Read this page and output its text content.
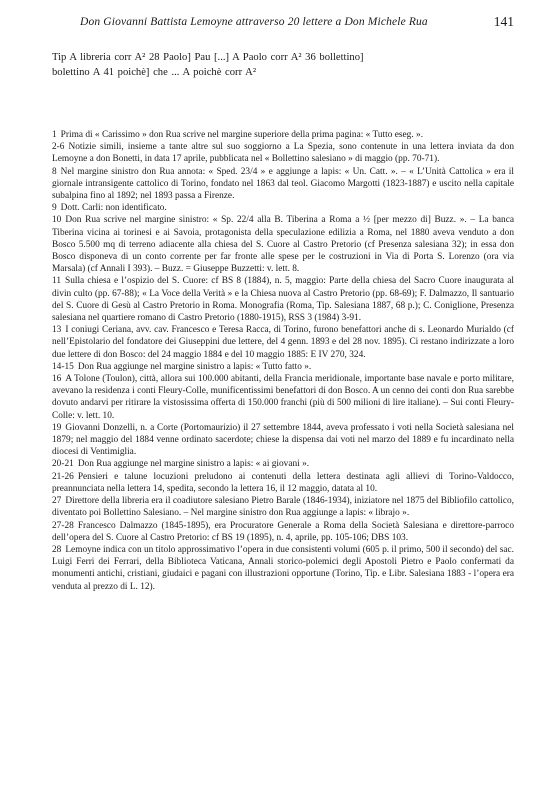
Don Giovanni Battista Lemoyne attraverso 20 lettere a Don Michele Rua	141
Tip A libreria corr A² 28 Paolo] Pau [...] A Paolo corr A² 36 bollettino]
bolettino A 41 poichè] che ... A poichè corr A²

1 Prima di « Carissimo » don Rua scrive nel margine superiore della prima pagina: « Tutto eseg. ».

2-6 Notizie simili, insieme a tante altre sul suo soggiorno a La Spezia, sono contenute in una lettera inviata da don Lemoyne a don Bonetti, in data 17 aprile, pubblicata nel « Bollettino salesiano » di maggio (pp. 70-71).

8 Nel margine sinistro don Rua annota: « Sped. 23/4 » e aggiunge a lapis: « Un. Catt. ». – « L’Unità Cattolica » era il giornale intransigente cattolico di Torino, fondato nel 1863 dal teol. Giacomo Margotti (1823-1887) e uscito nella capitale subalpina fino al 1892; nel 1893 passa a Firenze.

9 Dott. Carli: non identificato.

10 Don Rua scrive nel margine sinistro: « Sp. 22/4 alla B. Tiberina a Roma a ½ [per mezzo di] Buzz. ». – La banca Tiberina vicina ai torinesi e ai Savoia, protagonista della speculazione edilizia a Roma, nel 1880 aveva venduto a don Bosco 5.500 mq di terreno adiacente alla chiesa del S. Cuore al Castro Pretorio (cf Presenza salesiana 32); in essa don Bosco disponeva di un conto corrente per far fronte alle spese per le costruzioni in Via di Porta S. Lorenzo (ora via Marsala) (cf Annali I 393). – Buzz. = Giuseppe Buzzetti: v. lett. 8.

11 Sulla chiesa e l’ospizio del S. Cuore: cf BS 8 (1884), n. 5, maggio: Parte della chiesa del Sacro Cuore inaugurata al divin culto (pp. 67-88); « La Voce della Verità » e la Chiesa nuova al Castro Pretorio (pp. 68-69); F. Dalmazzo, Il santuario del S. Cuore di Gesù al Castro Pretorio in Roma. Monografia (Roma, Tip. Salesiana 1887, 68 p.); C. Coniglione, Presenza salesiana nel quartiere romano di Castro Pretorio (1880-1915), RSS 3 (1984) 3-91.

13 I coniugi Ceriana, avv. cav. Francesco e Teresa Racca, di Torino, furono benefattori anche di s. Leonardo Murialdo (cf nell’Epistolario del fondatore dei Giuseppini due lettere, del 4 genn. 1893 e del 28 nov. 1895). Ci restano indirizzate a loro due lettere di don Bosco: del 24 maggio 1884 e del 10 maggio 1885: E IV 270, 324.

14-15 Don Rua aggiunge nel margine sinistro a lapis: « Tutto fatto ».

16 A Tolone (Toulon), città, allora sui 100.000 abitanti, della Francia meridionale, importante base navale e porto militare, avevano la residenza i conti Fleury-Colle, munificentissimi benefattori di don Bosco. A un cenno dei conti don Rua sarebbe dovuto andarvi per ritirare la vistosissima offerta di 150.000 franchi (più di 500 milioni di lire italiane). – Sui conti Fleury-Colle: v. lett. 10.

19 Giovanni Donzelli, n. a Corte (Portomaurizio) il 27 settembre 1844, aveva professato i voti nella Società salesiana nel 1879; nel maggio del 1884 venne ordinato sacerdote; chiese la dispensa dai voti nel marzo del 1889 e fu incardinato nella diocesi di Ventimiglia.

20-21 Don Rua aggiunge nel margine sinistro a lapis: « ai giovani ».

21-26 Pensieri e talune locuzioni preludono ai contenuti della lettera destinata agli allievi di Torino-Valdocco, preannunciata nella lettera 14, spedita, secondo la lettera 16, il 12 maggio, datata al 10.

27 Direttore della libreria era il coadiutore salesiano Pietro Barale (1846-1934), iniziatore nel 1875 del Bibliofilo cattolico, diventato poi Bollettino Salesiano. – Nel margine sinistro don Rua aggiunge a lapis: « librajo ».

27-28 Francesco Dalmazzo (1845-1895), era Procuratore Generale a Roma della Società Salesiana e direttore-parroco dell’opera del S. Cuore al Castro Pretorio: cf BS 19 (1895), n. 4, aprile, pp. 105-106; DBS 103.

28 Lemoyne indica con un titolo approssimativo l’opera in due consistenti volumi (605 p. il primo, 500 il secondo) del sac. Luigi Ferri dei Ferrari, della Biblioteca Vaticana, Annali storico-polemici degli Apostoli Pietro e Paolo confermati da monumenti antichi, cristiani, giudaici e pagani con illustrazioni opportune (Torino, Tip. e Libr. Salesiana 1883 - l’opera era venduta al prezzo di L. 12).
